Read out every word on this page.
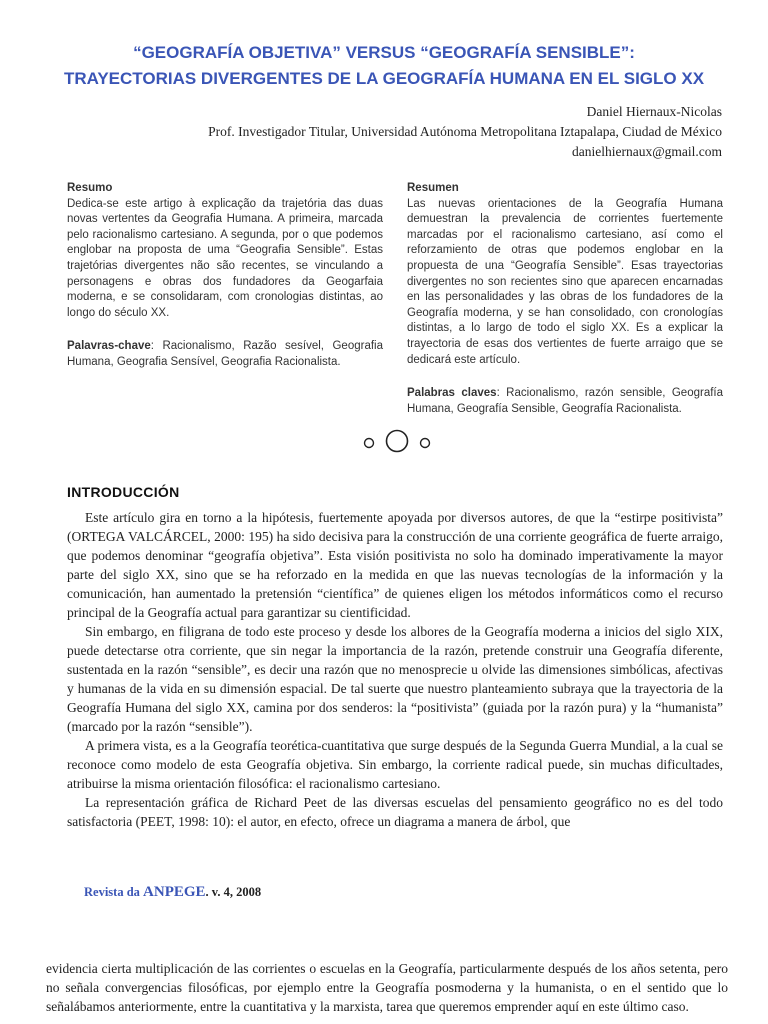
“GEOGRAFÍA OBJETIVA” VERSUS “GEOGRAFÍA SENSIBLE”:
TRAYECTORIAS DIVERGENTES DE LA GEOGRAFÍA HUMANA EN EL SIGLO XX
Daniel Hiernaux-Nicolas
Prof. Investigador Titular, Universidad Autónoma Metropolitana Iztapalapa, Ciudad de México
danielhiernaux@gmail.com
Resumo

Dedica-se este artigo à explicação da trajetória das duas novas vertentes da Geografia Humana. A primeira, marcada pelo racionalismo cartesiano. A segunda, por o que podemos englobar na proposta de uma “Geografia Sensible”. Estas trajetórias divergentes não são recentes, se vinculando a personagens e obras dos fundadores da Geogarfaia moderna, e se consolidaram, com cronologias distintas, ao longo do século XX.

Palavras-chave: Racionalismo, Razão sesível, Geografia Humana, Geografia Sensível, Geografia Racionalista.
Resumen

Las nuevas orientaciones de la Geografía Humana demuestran la prevalencia de corrientes fuertemente marcadas por el racionalismo cartesiano, así como el reforzamiento de otras que podemos englobar en la propuesta de una “Geografía Sensible”. Esas trayectorias divergentes no son recientes sino que aparecen encarnadas en las personalidades y las obras de los fundadores de la Geografía moderna, y se han consolidado, con cronologías distintas, a lo largo de todo el siglo XX. Es a explicar la trayectoria de esas dos vertientes de fuerte arraigo que se dedicará este artículo.

Palabras claves: Racionalismo, razón sensible, Geografía Humana, Geografía Sensible, Geografía Racionalista.
INTRODUCCIÓN

Este artículo gira en torno a la hipótesis, fuertemente apoyada por diversos autores, de que la “estirpe positivista” (ORTEGA VALCÁRCEL, 2000: 195) ha sido decisiva para la construcción de una corriente geográfica de fuerte arraigo, que podemos denominar “geografía objetiva”. Esta visión positivista no solo ha dominado imperativamente la mayor parte del siglo XX, sino que se ha reforzado en la medida en que las nuevas tecnologías de la información y la comunicación, han aumentado la pretensión “científica” de quienes eligen los métodos informáticos como el recurso principal de la Geografía actual para garantizar su cientificidad.

Sin embargo, en filigrana de todo este proceso y desde los albores de la Geografía moderna a inicios del siglo XIX, puede detectarse otra corriente, que sin negar la importancia de la razón, pretende construir una Geografía diferente, sustentada en la razón “sensible”, es decir una razón que no menosprecie u olvide las dimensiones simbólicas, afectivas y humanas de la vida en su dimensión espacial. De tal suerte que nuestro planteamiento subraya que la trayectoria de la Geografía Humana del siglo XX, camina por dos senderos: la “positivista” (guiada por la razón pura) y la “humanista” (marcado por la razón “sensible”).

A primera vista, es a la Geografía teorética-cuantitativa que surge después de la Segunda Guerra Mundial, a la cual se reconoce como modelo de esta Geografía objetiva. Sin embargo, la corriente radical puede, sin muchas dificultades, atribuirse la misma orientación filosófica: el racionalismo cartesiano.

La representación gráfica de Richard Peet de las diversas escuelas del pensamiento geográfico no es del todo satisfactoria (PEET, 1998: 10): el autor, en efecto, ofrece un diagrama a manera de árbol, que

Revista da ANPEGE. v. 4, 2008

evidencia cierta multiplicación de las corrientes o escuelas en la Geografía, particularmente después de los años setenta, pero no señala convergencias filosóficas, por ejemplo entre la Geografía posmoderna y la humanista, o en el sentido que lo señalábamos anteriormente, entre la cuantitativa y la marxista, tarea que queremos emprender aquí en este último caso.
